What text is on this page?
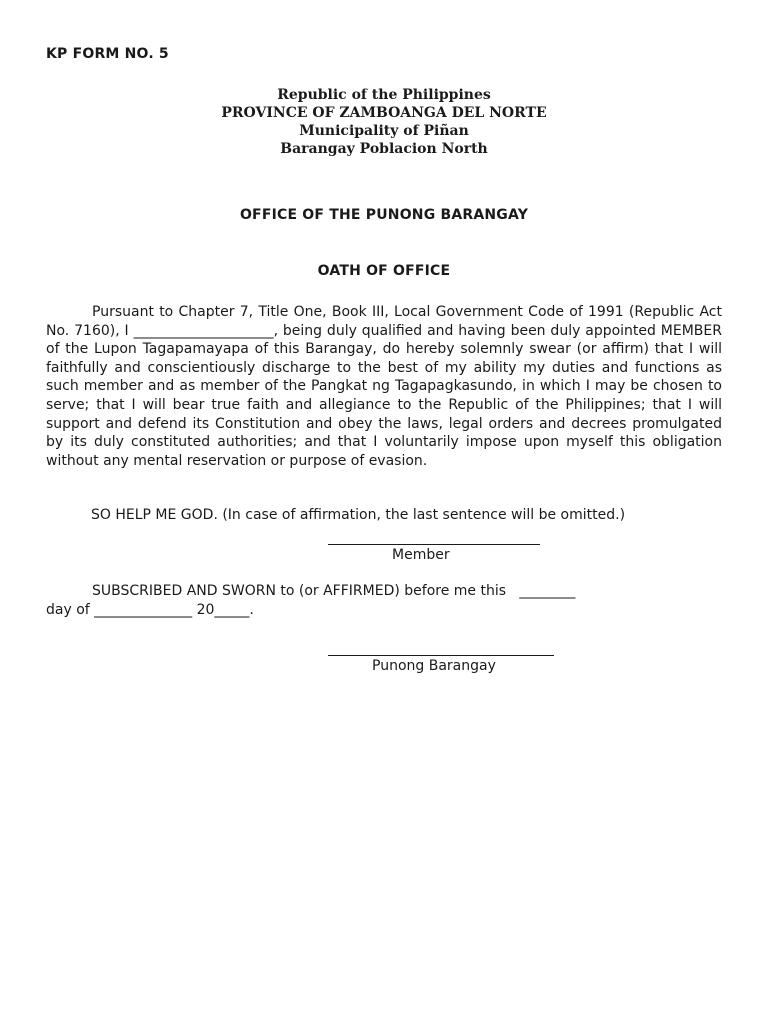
KP FORM NO. 5
Republic of the Philippines
PROVINCE OF ZAMBOANGA DEL NORTE
Municipality of Piñan
Barangay Poblacion North
OFFICE OF THE PUNONG BARANGAY
OATH OF OFFICE
Pursuant to Chapter 7, Title One, Book III, Local Government Code of 1991 (Republic Act No. 7160), I ____________________, being duly qualified and having been duly appointed MEMBER of the Lupon Tagapamayapa of this Barangay, do hereby solemnly swear (or affirm) that I will faithfully and conscientiously discharge to the best of my ability my duties and functions as such member and as member of the Pangkat ng Tagapagkasundo, in which I may be chosen to serve; that I will bear true faith and allegiance to the Republic of the Philippines; that I will support and defend its Constitution and obey the laws, legal orders and decrees promulgated by its duly constituted authorities; and that I voluntarily impose upon myself this obligation without any mental reservation or purpose of evasion.
SO HELP ME GOD. (In case of affirmation, the last sentence will be omitted.)
Member
SUBSCRIBED AND SWORN to (or AFFIRMED) before me this   ________
day of ______________ 20_____.
Punong Barangay
